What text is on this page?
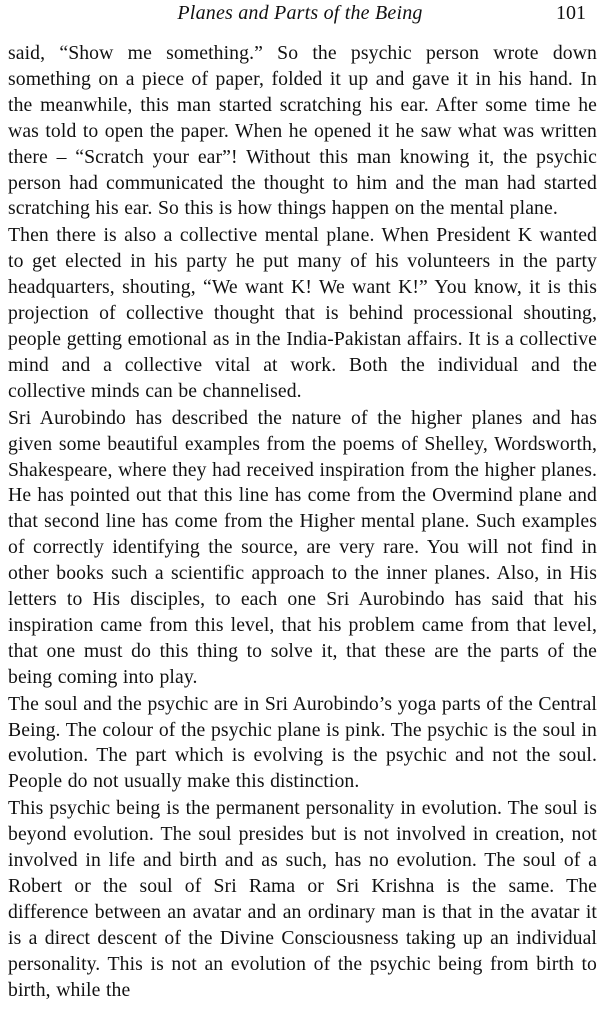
Planes and Parts of the Being	101

said, “Show me something.” So the psychic person wrote down something on a piece of paper, folded it up and gave it in his hand. In the meanwhile, this man started scratching his ear. After some time he was told to open the paper. When he opened it he saw what was written there – “Scratch your ear”! Without this man knowing it, the psychic person had communicated the thought to him and the man had started scratching his ear. So this is how things happen on the mental plane.

Then there is also a collective mental plane. When President K wanted to get elected in his party he put many of his volunteers in the party headquarters, shouting, “We want K! We want K!” You know, it is this projection of collective thought that is behind processional shouting, people getting emotional as in the India-Pakistan affairs. It is a collective mind and a collective vital at work. Both the individual and the collective minds can be channelised.

Sri Aurobindo has described the nature of the higher planes and has given some beautiful examples from the poems of Shelley, Wordsworth, Shakespeare, where they had received inspiration from the higher planes. He has pointed out that this line has come from the Overmind plane and that second line has come from the Higher mental plane. Such examples of correctly identifying the source, are very rare. You will not find in other books such a scientific approach to the inner planes. Also, in His letters to His disciples, to each one Sri Aurobindo has said that his inspiration came from this level, that his problem came from that level, that one must do this thing to solve it, that these are the parts of the being coming into play.

The soul and the psychic are in Sri Aurobindo’s yoga parts of the Central Being. The colour of the psychic plane is pink. The psychic is the soul in evolution. The part which is evolving is the psychic and not the soul. People do not usually make this distinction.

This psychic being is the permanent personality in evolution. The soul is beyond evolution. The soul presides but is not involved in creation, not involved in life and birth and as such, has no evolution. The soul of a Robert or the soul of Sri Rama or Sri Krishna is the same. The difference between an avatar and an ordinary man is that in the avatar it is a direct descent of the Divine Consciousness taking up an individual personality. This is not an evolution of the psychic being from birth to birth, while the
